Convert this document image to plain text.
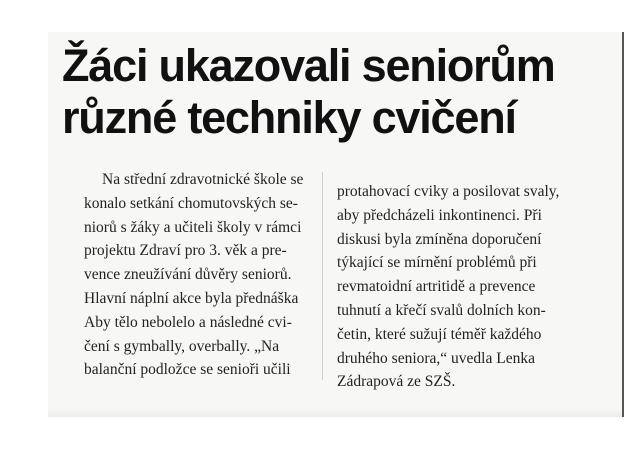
Žáci ukazovali seniorům
různé techniky cvičení
Na střední zdravotnické škole se
konalo setkání chomutovských se-
niorů s žáky a učiteli školy v rámci
projektu Zdraví pro 3. věk a pre-
vence zneužívání důvěry seniorů.
Hlavní náplní akce byla přednáška
Aby tělo nebolelo a následné cvi-
čení s gymbally, overbally. „Na
balanční podložce se senioři učili
protahovací cviky a posilovat svaly,
aby předcházeli inkontinenci. Při
diskusi byla zmíněna doporučení
týkající se mírnění problémů při
revmatoidní artritidě a prevence
tuhnutí a křečí svalů dolních kon-
četin, které sužují téměř každého
druhého seniora,“ uvedla Lenka
Zádrapová ze SZŠ.
